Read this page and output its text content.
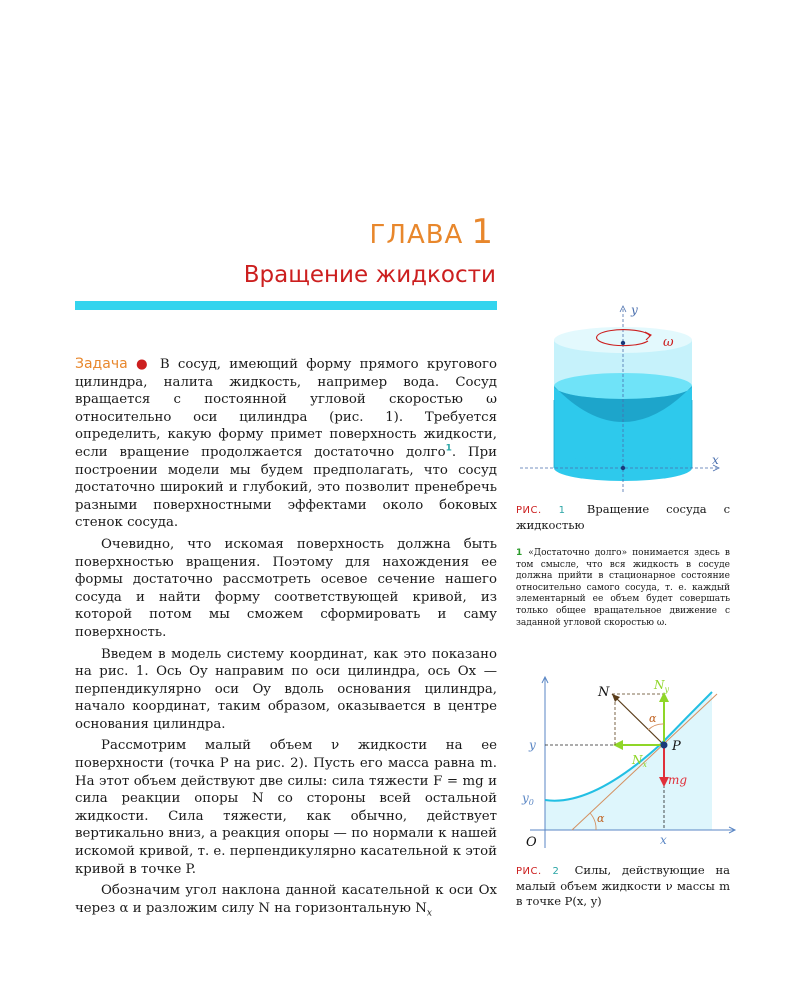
ГЛАВА 1
Вращение жидкости

Задача ● В сосуд, имеющий форму прямого кругового цилиндра, налита жидкость, например вода. Сосуд вращается с постоянной угловой скоростью ω относительно оси цилиндра (рис. 1). Требуется определить, какую форму примет поверхность жидкости, если вращение продолжается достаточно долго$^1$. При построении модели мы будем предполагать, что сосуд достаточно широкий и глубокий, это позволит пренебречь разными поверхностными эффектами около боковых стенок сосуда.

Очевидно, что искомая поверхность должна быть поверхностью вращения. Поэтому для нахождения ее формы достаточно рассмотреть осевое сечение нашего сосуда и найти форму соответствующей кривой, из которой потом мы сможем сформировать и саму поверхность.

Введем в модель систему координат, как это показано на рис. 1. Ось Oy направим по оси цилиндра, ось Ox — перпендикулярно оси Oy вдоль основания цилиндра, начало координат, таким образом, оказывается в центре основания цилиндра.

Рассмотрим малый объем ν жидкости на ее поверхности (точка P на рис. 2). Пусть его масса равна m. На этот объем действуют две силы: сила тяжести F = mg и сила реакции опоры N со стороны всей остальной жидкости. Сила тяжести, как обычно, действует вертикально вниз, а реакция опоры — по нормали к нашей искомой кривой, т. е. перпендикулярно касательной к этой кривой в точке P.

Обозначим угол наклона данной касательной к оси Ox через α и разложим силу N на горизонтальную $N_x$

ω
y
x
РИС. 1 Вращение сосуда с жидкостью
1 «Достаточно долго» понимается здесь в том смысле, что вся жидкость в сосуде должна прийти в стационарное состояние относительно самого сосуда, т. е. каждый элементарный ее объем будет совершать только общее вращательное движение с заданной угловой скоростью ω.
N	$N_y$
$N_x$
α
α
P
mg
y
$y_0$
O	x
РИС. 2 Силы, действующие на малый объем жидкости ν массы m в точке P(x, y)
